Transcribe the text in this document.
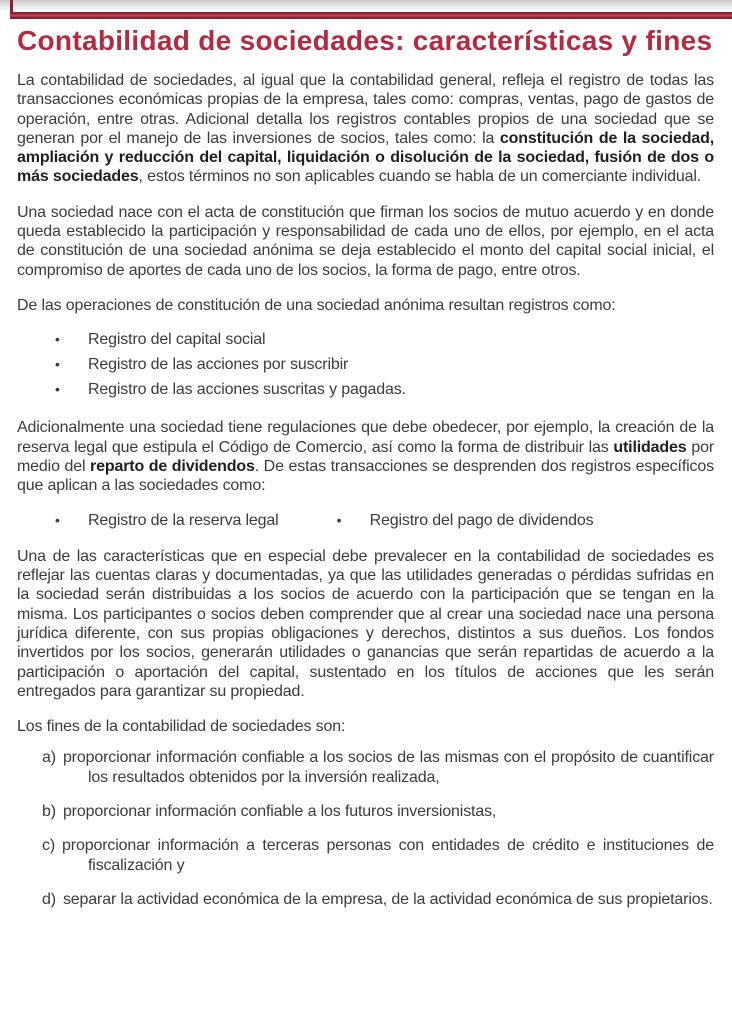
Contabilidad de sociedades: características y fines

La contabilidad de sociedades, al igual que la contabilidad general, refleja el registro de todas las transacciones económicas propias de la empresa, tales como: compras, ventas, pago de gastos de operación, entre otras. Adicional detalla los registros contables propios de una sociedad que se generan por el manejo de las inversiones de socios, tales como: la constitución de la sociedad, ampliación y reducción del capital, liquidación o disolución de la sociedad, fusión de dos o más sociedades, estos términos no son aplicables cuando se habla de un comerciante individual.

Una sociedad nace con el acta de constitución que firman los socios de mutuo acuerdo y en donde queda establecido la participación y responsabilidad de cada uno de ellos, por ejemplo, en el acta de constitución de una sociedad anónima se deja establecido el monto del capital social inicial, el compromiso de aportes de cada uno de los socios, la forma de pago, entre otros.

De las operaciones de constitución de una sociedad anónima resultan registros como:

• Registro del capital social
• Registro de las acciones por suscribir
• Registro de las acciones suscritas y pagadas.

Adicionalmente una sociedad tiene regulaciones que debe obedecer, por ejemplo, la creación de la reserva legal que estipula el Código de Comercio, así como la forma de distribuir las utilidades por medio del reparto de dividendos. De estas transacciones se desprenden dos registros específicos que aplican a las sociedades como:

• Registro de la reserva legal	• Registro del pago de dividendos

Una de las características que en especial debe prevalecer en la contabilidad de sociedades es reflejar las cuentas claras y documentadas, ya que las utilidades generadas o pérdidas sufridas en la sociedad serán distribuidas a los socios de acuerdo con la participación que se tengan en la misma. Los participantes o socios deben comprender que al crear una sociedad nace una persona jurídica diferente, con sus propias obligaciones y derechos, distintos a sus dueños. Los fondos invertidos por los socios, generarán utilidades o ganancias que serán repartidas de acuerdo a la participación o aportación del capital, sustentado en los títulos de acciones que les serán entregados para garantizar su propiedad.

Los fines de la contabilidad de sociedades son:

a) proporcionar información confiable a los socios de las mismas con el propósito de cuantificar los resultados obtenidos por la inversión realizada,
b) proporcionar información confiable a los futuros inversionistas,
c) proporcionar información a terceras personas con entidades de crédito e instituciones de fiscalización y
d) separar la actividad económica de la empresa, de la actividad económica de sus propietarios.
